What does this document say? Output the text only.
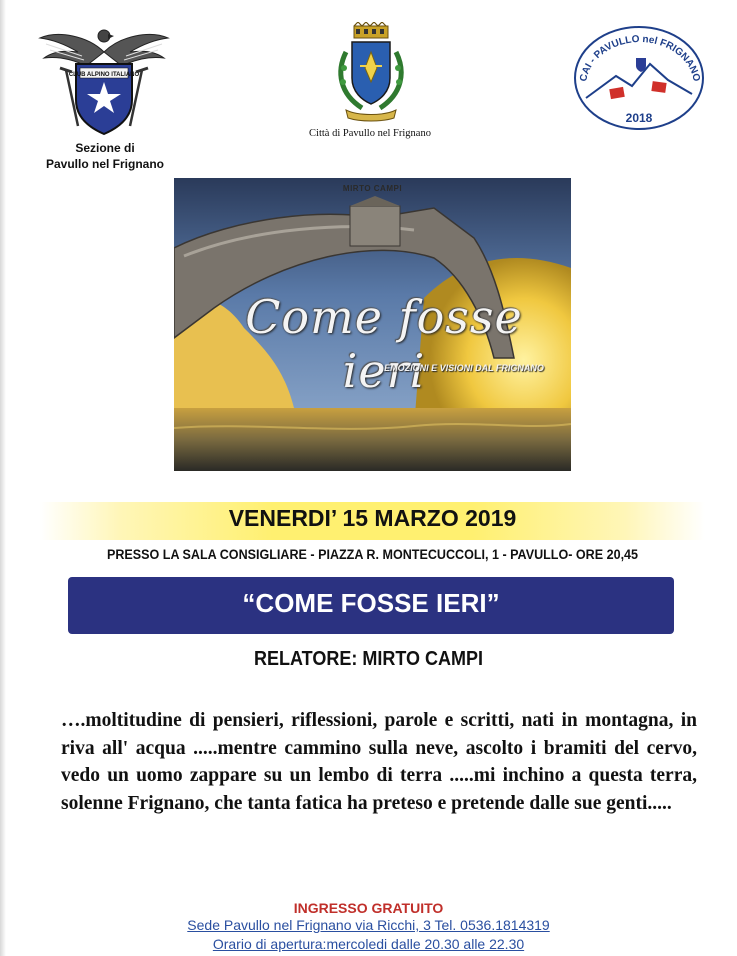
CLUB ALPINO ITALIANO
Sezione di
Pavullo nel Frignano
Città di Pavullo nel Frignano
CAI - PAVULLO nel FRIGNANO
2018
MIRTO CAMPI
Come fosse ieri
EMOZIONI E VISIONI DAL FRIGNANO
VENERDI’ 15 MARZO 2019
PRESSO LA SALA CONSIGLIARE - PIAZZA R. MONTECUCCOLI, 1 - PAVULLO- ORE 20,45
“COME FOSSE IERI”
RELATORE: MIRTO CAMPI
….moltitudine di pensieri, riflessioni, parole e scritti, nati in montagna, in riva all' acqua .....mentre cammino sulla neve, ascolto i bramiti del cervo, vedo un uomo zappare su un lembo di terra .....mi inchino a questa terra, solenne Frignano, che tanta fatica ha preteso e pretende dalle sue genti.....
INGRESSO GRATUITO
Sede Pavullo nel Frignano via Ricchi, 3 Tel. 0536.1814319
Orario di apertura:mercoledi dalle 20.30 alle 22.30
